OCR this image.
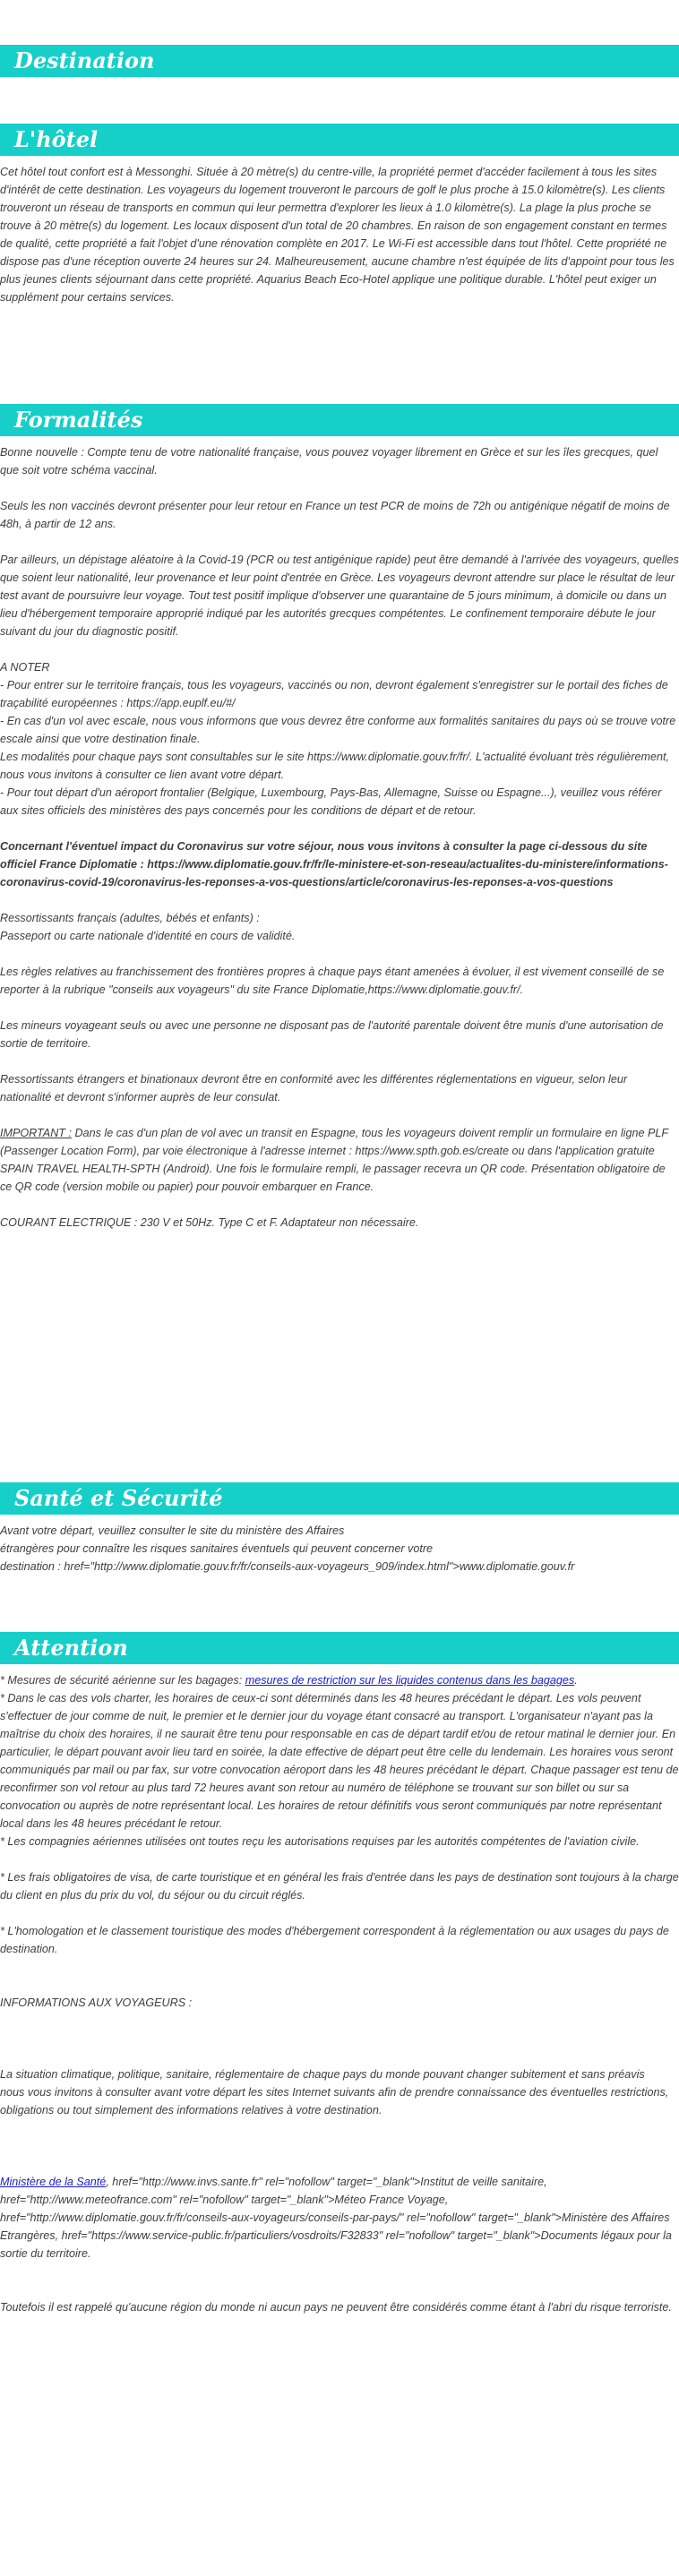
Destination
L'hôtel

Cet hôtel tout confort est à Messonghi. Située à 20 mètre(s) du centre-ville, la propriété permet d'accéder facilement à tous les sites d'intérêt de cette destination. Les voyageurs du logement trouveront le parcours de golf le plus proche à 15.0 kilomètre(s). Les clients trouveront un réseau de transports en commun qui leur permettra d'explorer les lieux à 1.0 kilomètre(s). La plage la plus proche se trouve à 20 mètre(s) du logement. Les locaux disposent d'un total de 20 chambres. En raison de son engagement constant en termes de qualité, cette propriété a fait l'objet d'une rénovation complète en 2017. Le Wi-Fi est accessible dans tout l'hôtel. Cette propriété ne dispose pas d'une réception ouverte 24 heures sur 24. Malheureusement, aucune chambre n'est équipée de lits d'appoint pour tous les plus jeunes clients séjournant dans cette propriété. Aquarius Beach Eco-Hotel applique une politique durable. L'hôtel peut exiger un supplément pour certains services.

Formalités

Bonne nouvelle : Compte tenu de votre nationalité française, vous pouvez voyager librement en Grèce et sur les îles grecques, quel que soit votre schéma vaccinal.

Seuls les non vaccinés devront présenter pour leur retour en France un test PCR de moins de 72h ou antigénique négatif de moins de 48h, à partir de 12 ans.

Par ailleurs, un dépistage aléatoire à la Covid-19 (PCR ou test antigénique rapide) peut être demandé à l'arrivée des voyageurs, quelles que soient leur nationalité, leur provenance et leur point d'entrée en Grèce. Les voyageurs devront attendre sur place le résultat de leur test avant de poursuivre leur voyage. Tout test positif implique d'observer une quarantaine de 5 jours minimum, à domicile ou dans un lieu d'hébergement temporaire approprié indiqué par les autorités grecques compétentes. Le confinement temporaire débute le jour suivant du jour du diagnostic positif.

A NOTER

- Pour entrer sur le territoire français, tous les voyageurs, vaccinés ou non, devront également s'enregistrer sur le portail des fiches de traçabilité européennes : https://app.euplf.eu/#/

- En cas d'un vol avec escale, nous vous informons que vous devrez être conforme aux formalités sanitaires du pays où se trouve votre escale ainsi que votre destination finale.

Les modalités pour chaque pays sont consultables sur le site https://www.diplomatie.gouv.fr/fr/. L'actualité évoluant très régulièrement, nous vous invitons à consulter ce lien avant votre départ.

- Pour tout départ d'un aéroport frontalier (Belgique, Luxembourg, Pays-Bas, Allemagne, Suisse ou Espagne...), veuillez vous référer aux sites officiels des ministères des pays concernés pour les conditions de départ et de retour.

Concernant l'éventuel impact du Coronavirus sur votre séjour, nous vous invitons à consulter la page ci-dessous du site officiel France Diplomatie : https://www.diplomatie.gouv.fr/fr/le-ministere-et-son-reseau/actualites-du-ministere/informations-coronavirus-covid-19/coronavirus-les-reponses-a-vos-questions/article/coronavirus-les-reponses-a-vos-questions

Ressortissants français (adultes, bébés et enfants) :

Passeport ou carte nationale d'identité en cours de validité.

Les règles relatives au franchissement des frontières propres à chaque pays étant amenées à évoluer, il est vivement conseillé de se reporter à la rubrique "conseils aux voyageurs" du site France Diplomatie,https://www.diplomatie.gouv.fr/.

Les mineurs voyageant seuls ou avec une personne ne disposant pas de l'autorité parentale doivent être munis d'une autorisation de sortie de territoire.

Ressortissants étrangers et binationaux devront être en conformité avec les différentes réglementations en vigueur, selon leur nationalité et devront s'informer auprès de leur consulat.

IMPORTANT : Dans le cas d'un plan de vol avec un transit en Espagne, tous les voyageurs doivent remplir un formulaire en ligne PLF (Passenger Location Form), par voie électronique à l'adresse internet : https://www.spth.gob.es/create ou dans l'application gratuite SPAIN TRAVEL HEALTH-SPTH (Android). Une fois le formulaire rempli, le passager recevra un QR code. Présentation obligatoire de ce QR code (version mobile ou papier) pour pouvoir embarquer en France.

COURANT ELECTRIQUE : 230 V et 50Hz. Type C et F. Adaptateur non nécessaire.

Santé et Sécurité

Avant votre départ, veuillez consulter le site du ministère des Affaires

étrangères pour connaître les risques sanitaires éventuels qui peuvent concerner votre

destination : href="http://www.diplomatie.gouv.fr/fr/conseils-aux-voyageurs_909/index.html">www.diplomatie.gouv.fr

Attention

* Mesures de sécurité aérienne sur les bagages: mesures de restriction sur les liquides contenus dans les bagages.

* Dans le cas des vols charter, les horaires de ceux-ci sont déterminés dans les 48 heures précédant le départ. Les vols peuvent s'effectuer de jour comme de nuit, le premier et le dernier jour du voyage étant consacré au transport. L'organisateur n'ayant pas la maîtrise du choix des horaires, il ne saurait être tenu pour responsable en cas de départ tardif et/ou de retour matinal le dernier jour. En particulier, le départ pouvant avoir lieu tard en soirée, la date effective de départ peut être celle du lendemain. Les horaires vous seront communiqués par mail ou par fax, sur votre convocation aéroport dans les 48 heures précédant le départ. Chaque passager est tenu de reconfirmer son vol retour au plus tard 72 heures avant son retour au numéro de téléphone se trouvant sur son billet ou sur sa convocation ou auprès de notre représentant local. Les horaires de retour définitifs vous seront communiqués par notre représentant local dans les 48 heures précédant le retour.

* Les compagnies aériennes utilisées ont toutes reçu les autorisations requises par les autorités compétentes de l'aviation civile.

* Les frais obligatoires de visa, de carte touristique et en général les frais d'entrée dans les pays de destination sont toujours à la charge du client en plus du prix du vol, du séjour ou du circuit réglés.

* L'homologation et le classement touristique des modes d'hébergement correspondent à la réglementation ou aux usages du pays de destination.

INFORMATIONS AUX VOYAGEURS :

La situation climatique, politique, sanitaire, réglementaire de chaque pays du monde pouvant changer subitement et sans préavis

nous vous invitons à consulter avant votre départ les sites Internet suivants afin de prendre connaissance des éventuelles restrictions, obligations ou tout simplement des informations relatives à votre destination.

Ministère de la Santé, href="http://www.invs.sante.fr" rel="nofollow" target="_blank">Institut de veille sanitaire, href="http://www.meteofrance.com" rel="nofollow" target="_blank">Méteo France Voyage, href="http://www.diplomatie.gouv.fr/fr/conseils-aux-voyageurs/conseils-par-pays/" rel="nofollow" target="_blank">Ministère des Affaires Etrangères, href="https://www.service-public.fr/particuliers/vosdroits/F32833" rel="nofollow" target="_blank">Documents légaux pour la sortie du territoire.

Toutefois il est rappelé qu'aucune région du monde ni aucun pays ne peuvent être considérés comme étant à l'abri du risque terroriste.
